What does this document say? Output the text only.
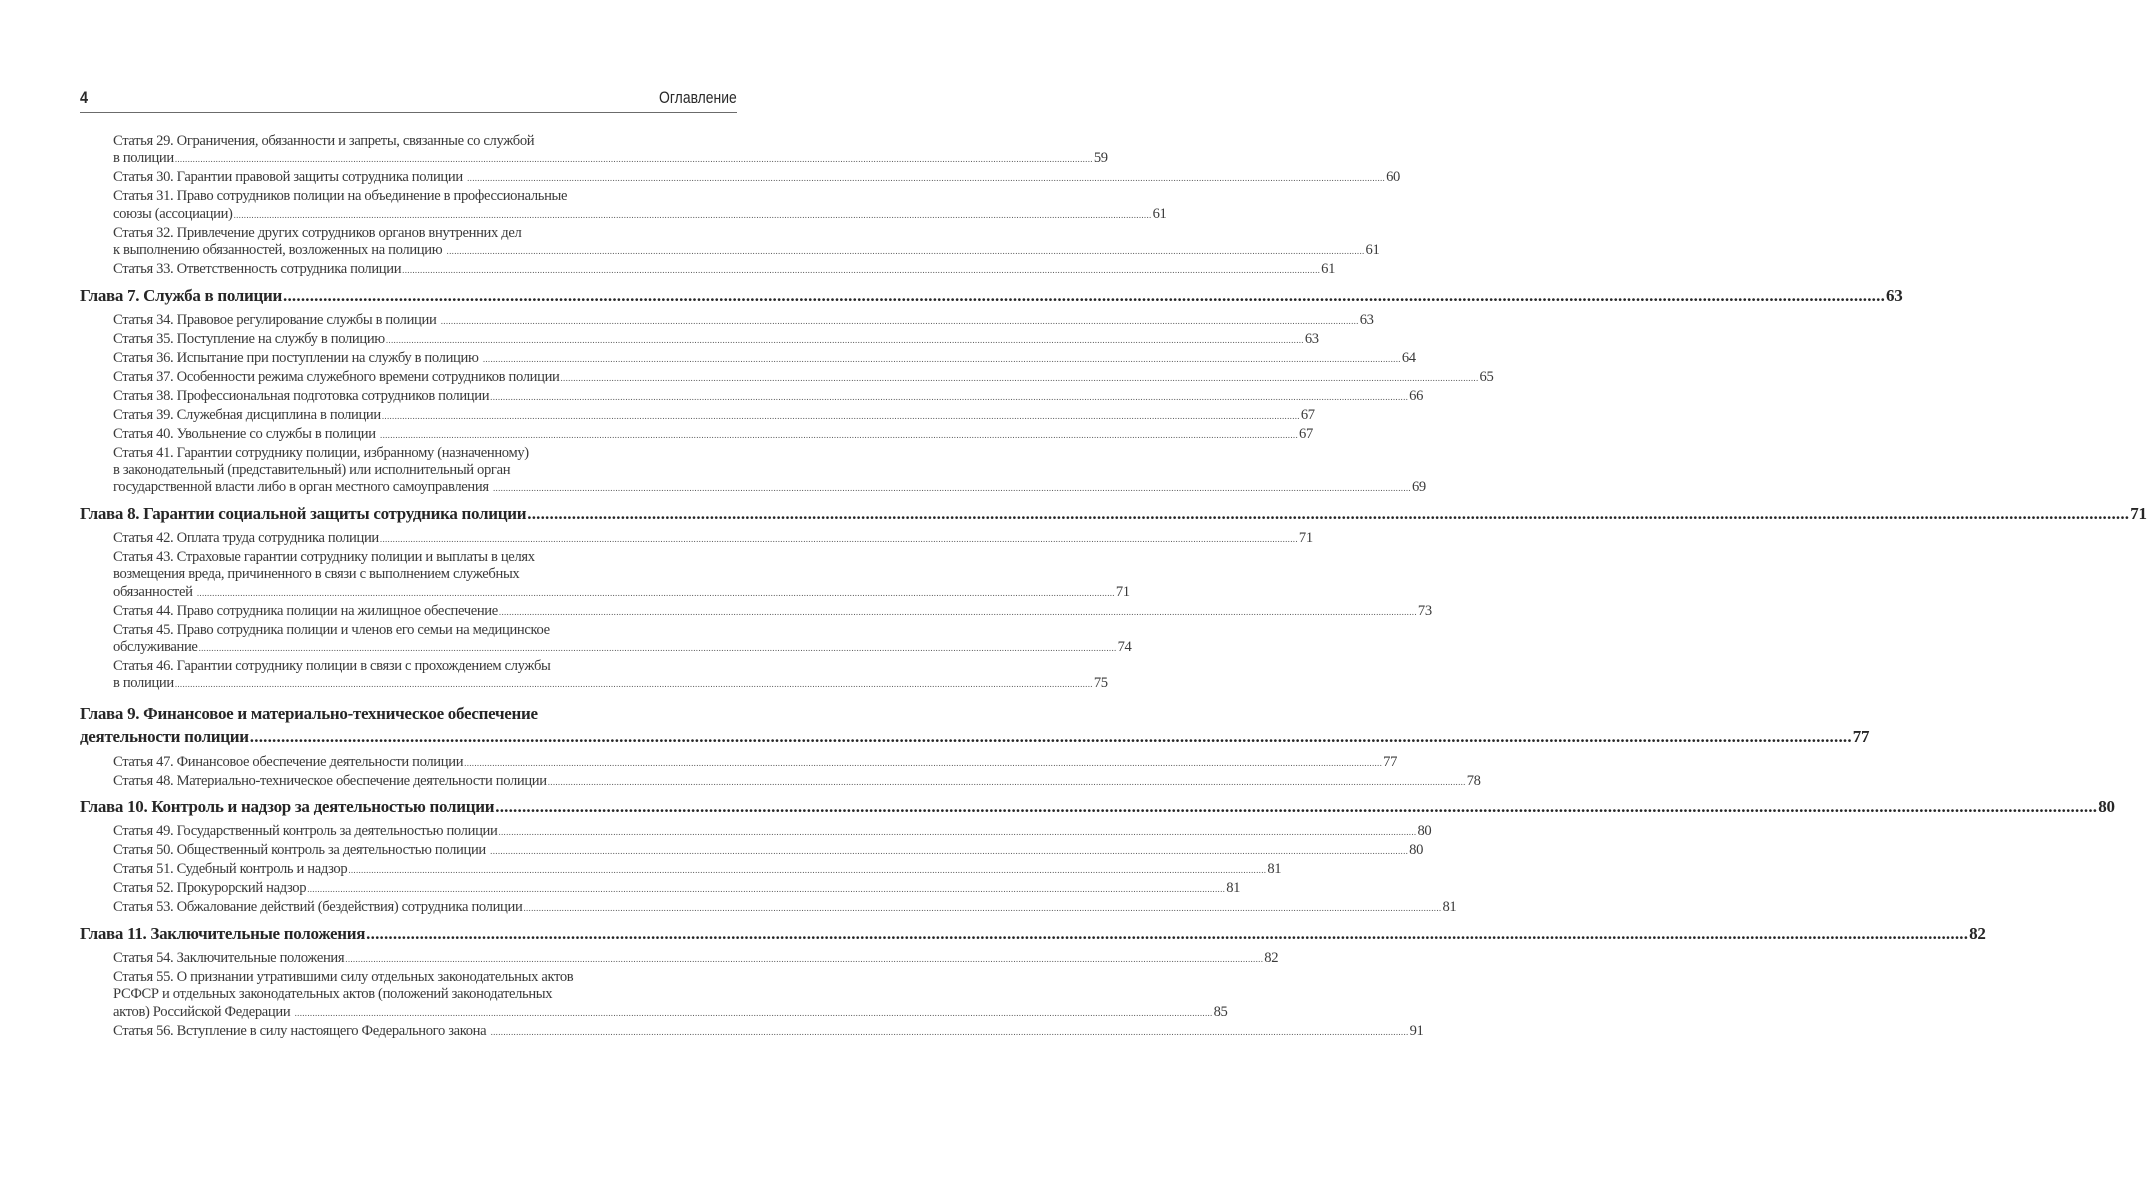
4	Оглавление
Статья 29. Ограничения, обязанности и запреты, связанные со службой
в полиции .....	59
Статья 30. Гарантии правовой защиты сотрудника полиции .....	60
Статья 31. Право сотрудников полиции на объединение в профессиональные
союзы (ассоциации) .....	61
Статья 32. Привлечение других сотрудников органов внутренних дел
к выполнению обязанностей, возложенных на полицию .....	61
Статья 33. Ответственность сотрудника полиции .....	61
Глава 7. Служба в полиции .....	63
Статья 34. Правовое регулирование службы в полиции .....	63
Статья 35. Поступление на службу в полицию .....	63
Статья 36. Испытание при поступлении на службу в полицию .....	64
Статья 37. Особенности режима служебного времени сотрудников полиции .....	65
Статья 38. Профессиональная подготовка сотрудников полиции .....	66
Статья 39. Служебная дисциплина в полиции .....	67
Статья 40. Увольнение со службы в полиции .....	67
Статья 41. Гарантии сотруднику полиции, избранному (назначенному)
в законодательный (представительный) или исполнительный орган
государственной власти либо в орган местного самоуправления .....	69
Глава 8. Гарантии социальной защиты сотрудника полиции .....	71
Статья 42. Оплата труда сотрудника полиции .....	71
Статья 43. Страховые гарантии сотруднику полиции и выплаты в целях
возмещения вреда, причиненного в связи с выполнением служебных
обязанностей .....	71
Статья 44. Право сотрудника полиции на жилищное обеспечение .....	73
Статья 45. Право сотрудника полиции и членов его семьи на медицинское
обслуживание .....	74
Статья 46. Гарантии сотруднику полиции в связи с прохождением службы
в полиции .....	75
Глава 9. Финансовое и материально-техническое обеспечение
деятельности полиции .....	77
Статья 47. Финансовое обеспечение деятельности полиции .....	77
Статья 48. Материально-техническое обеспечение деятельности полиции .....	78
Глава 10. Контроль и надзор за деятельностью полиции .....	80
Статья 49. Государственный контроль за деятельностью полиции .....	80
Статья 50. Общественный контроль за деятельностью полиции .....	80
Статья 51. Судебный контроль и надзор .....	81
Статья 52. Прокурорский надзор .....	81
Статья 53. Обжалование действий (бездействия) сотрудника полиции .....	81
Глава 11. Заключительные положения .....	82
Статья 54. Заключительные положения .....	82
Статья 55. О признании утратившими силу отдельных законодательных актов
РСФСР и отдельных законодательных актов (положений законодательных
актов) Российской Федерации .....	85
Статья 56. Вступление в силу настоящего Федерального закона .....	91
